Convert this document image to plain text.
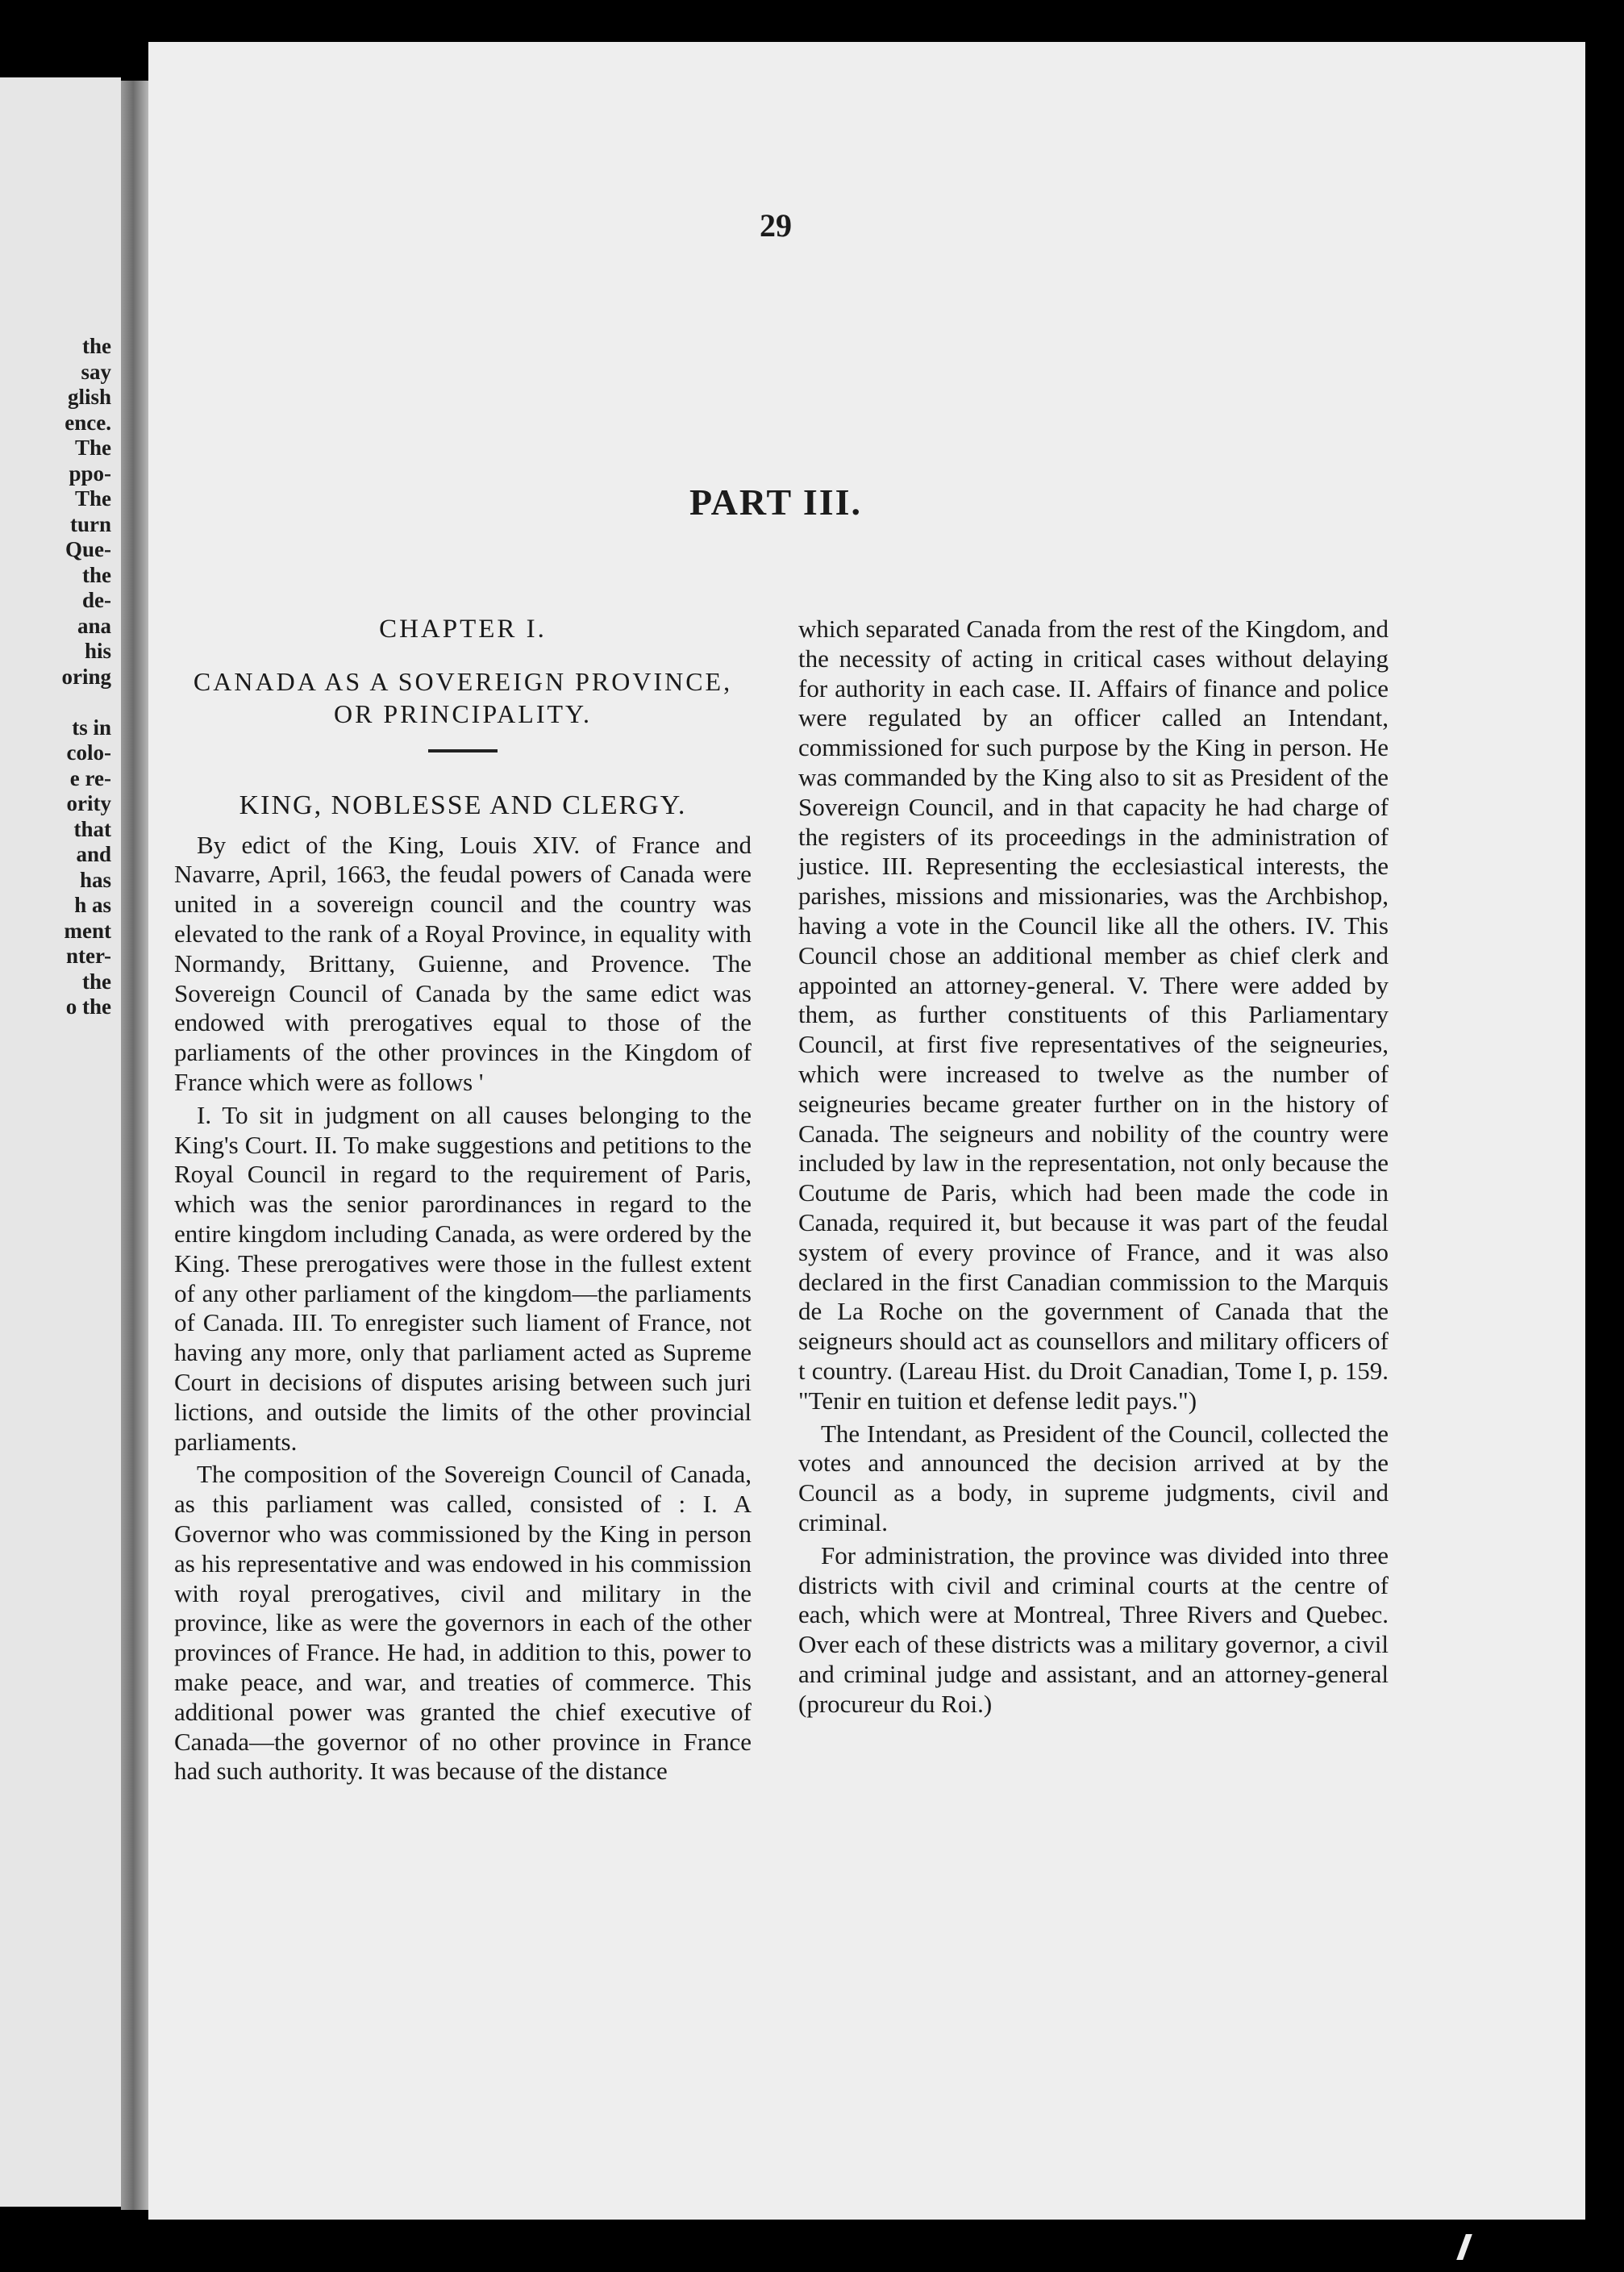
the
say
glish
ence.
The
ppo-
The
turn
Que-
the
de-
ana
his
oring

ts in
colo-
e re-
ority
that
and
has
h as
ment
nter-
the
o the
29
PART III.
CHAPTER I.
CANADA AS A SOVEREIGN PROVINCE, OR PRINCIPALITY.
KING, NOBLESSE AND CLERGY.

By edict of the King, Louis XIV. of France and Navarre, April, 1663, the feudal powers of Canada were united in a sovereign council and the country was elevated to the rank of a Royal Province, in equality with Normandy, Brittany, Guienne, and Provence. The Sovereign Council of Canada by the same edict was endowed with prerogatives equal to those of the parliaments of the other provinces in the Kingdom of France which were as follows '

I. To sit in judgment on all causes belonging to the King's Court. II. To make suggestions and petitions to the Royal Council in regard to the requirement of Paris, which was the senior parordinances in regard to the entire kingdom including Canada, as were ordered by the King. These prerogatives were those in the fullest extent of any other parliament of the kingdom—the parliaments of Canada. III. To enregister such liament of France, not having any more, only that parliament acted as Supreme Court in decisions of disputes arising between such juri lictions, and outside the limits of the other provincial parliaments.

The composition of the Sovereign Council of Canada, as this parliament was called, consisted of : I. A Governor who was commissioned by the King in person as his representative and was endowed in his commission with royal prerogatives, civil and military in the province, like as were the governors in each of the other provinces of France. He had, in addition to this, power to make peace, and war, and treaties of commerce. This additional power was granted the chief executive of Canada—the governor of no other province in France had such authority. It was because of the distance

which separated Canada from the rest of the Kingdom, and the necessity of acting in critical cases without delaying for authority in each case. II. Affairs of finance and police were regulated by an officer called an Intendant, commissioned for such purpose by the King in person. He was commanded by the King also to sit as President of the Sovereign Council, and in that capacity he had charge of the registers of its proceedings in the administration of justice. III. Representing the ecclesiastical interests, the parishes, missions and missionaries, was the Archbishop, having a vote in the Council like all the others. IV. This Council chose an additional member as chief clerk and appointed an attorney-general. V. There were added by them, as further constituents of this Parliamentary Council, at first five representatives of the seigneuries, which were increased to twelve as the number of seigneuries became greater further on in the history of Canada. The seigneurs and nobility of the country were included by law in the representation, not only because the Coutume de Paris, which had been made the code in Canada, required it, but because it was part of the feudal system of every province of France, and it was also declared in the first Canadian commission to the Marquis de La Roche on the government of Canada that the seigneurs should act as counsellors and military officers of t country. (Lareau Hist. du Droit Canadian, Tome I, p. 159. "Tenir en tuition et defense ledit pays.")

The Intendant, as President of the Council, collected the votes and announced the decision arrived at by the Council as a body, in supreme judgments, civil and criminal.

For administration, the province was divided into three districts with civil and criminal courts at the centre of each, which were at Montreal, Three Rivers and Quebec. Over each of these districts was a military governor, a civil and criminal judge and assistant, and an attorney-general (procureur du Roi.)
